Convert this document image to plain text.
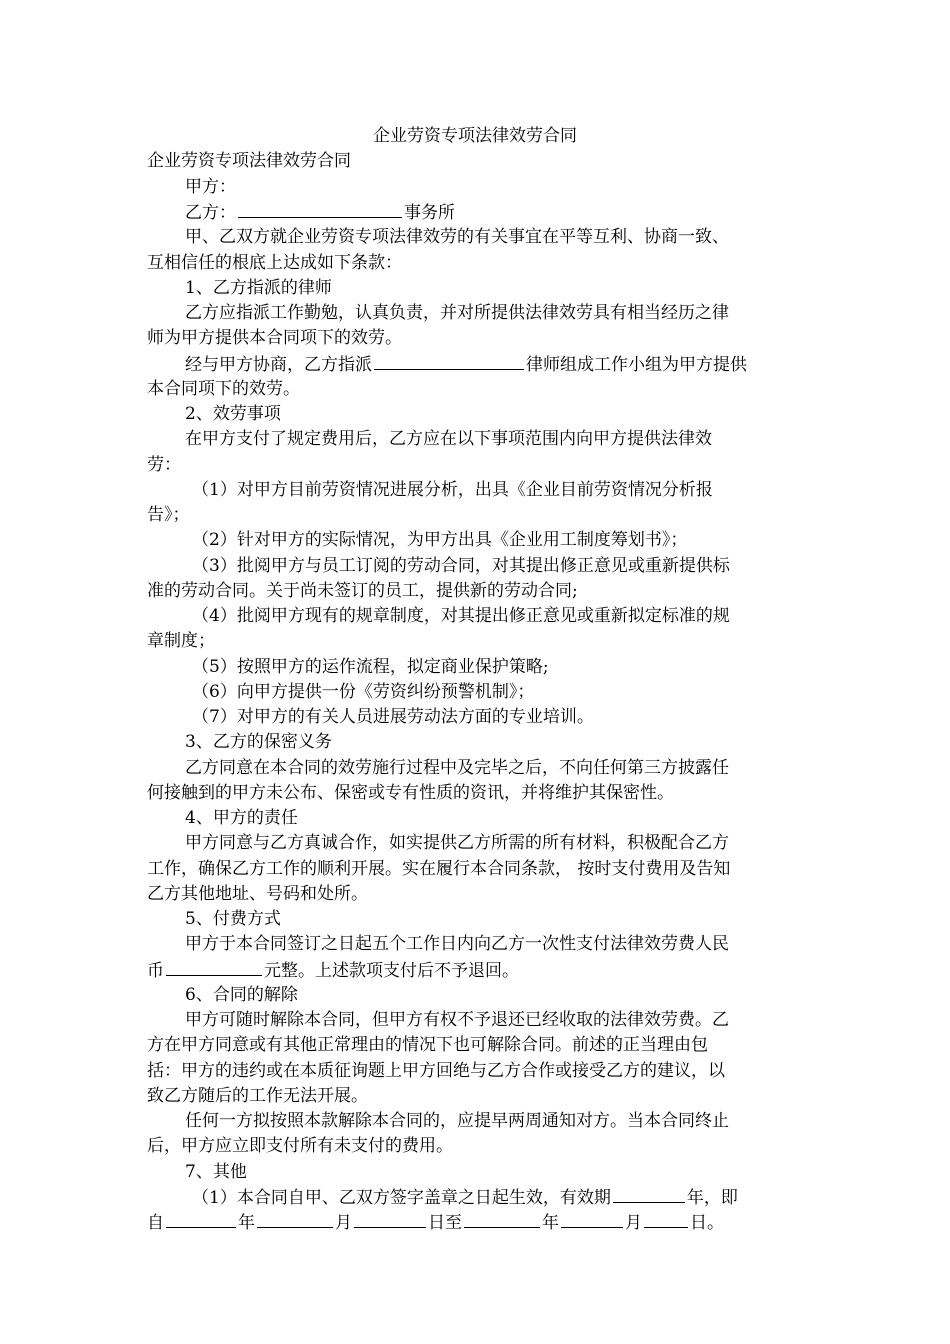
企业劳资专项法律效劳合同
企业劳资专项法律效劳合同
甲方：
乙方：	事务所
甲、乙双方就企业劳资专项法律效劳的有关事宜在平等互利、协商一致、
互相信任的根底上达成如下条款：
1、乙方指派的律师
乙方应指派工作勤勉，认真负责，并对所提供法律效劳具有相当经历之律
师为甲方提供本合同项下的效劳。
经与甲方协商，乙方指派	律师组成工作小组为甲方提供
本合同项下的效劳。
2、效劳事项
在甲方支付了规定费用后，乙方应在以下事项范围内向甲方提供法律效
劳：
（1）对甲方目前劳资情况进展分析，出具《企业目前劳资情况分析报
告》；
（2）针对甲方的实际情况，为甲方出具《企业用工制度筹划书》；
（3）批阅甲方与员工订阅的劳动合同，对其提出修正意见或重新提供标
准的劳动合同。关于尚未签订的员工，提供新的劳动合同;
（4）批阅甲方现有的规章制度，对其提出修正意见或重新拟定标准的规
章制度；
（5）按照甲方的运作流程，拟定商业保护策略;
（6）向甲方提供一份《劳资纠纷预警机制》；
（7）对甲方的有关人员进展劳动法方面的专业培训。
3、乙方的保密义务
乙方同意在本合同的效劳施行过程中及完毕之后，不向任何第三方披露任
何接触到的甲方未公布、保密或专有性质的资讯，并将维护其保密性。
4、甲方的责任
甲方同意与乙方真诚合作，如实提供乙方所需的所有材料，积极配合乙方
工作，确保乙方工作的顺利开展。实在履行本合同条款， 按时支付费用及告知
乙方其他地址、号码和处所。
5、付费方式
甲方于本合同签订之日起五个工作日内向乙方一次性支付法律效劳费人民
币	元整。上述款项支付后不予退回。
6、合同的解除
甲方可随时解除本合同，但甲方有权不予退还已经收取的法律效劳费。乙
方在甲方同意或有其他正常理由的情况下也可解除合同。前述的正当理由包
括：甲方的违约或在本质征询题上甲方回绝与乙方合作或接受乙方的建议，以
致乙方随后的工作无法开展。
任何一方拟按照本款解除本合同的，应提早两周通知对方。当本合同终止
后，甲方应立即支付所有未支付的费用。
7、其他
（1）本合同自甲、乙双方签字盖章之日起生效，有效期	年，即
自	年	月	日至	年	月	日。
